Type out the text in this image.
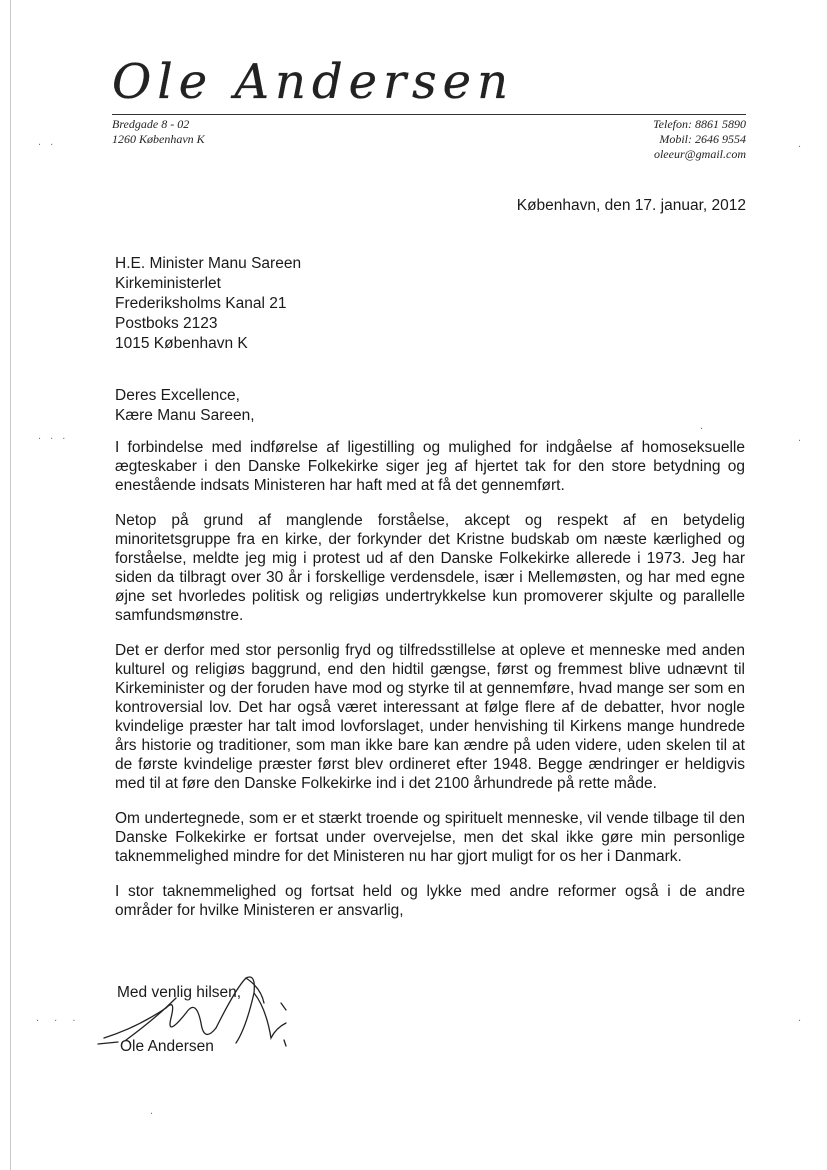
. .
. . .
.  .  .
.
.
.
.
.
Ole Andersen
Bredgade 8 - 02
1260 København K
Telefon: 8861 5890
Mobil: 2646 9554
oleeur@gmail.com
København, den 17. januar, 2012
H.E. Minister Manu Sareen
Kirkeministerlet
Frederiksholms Kanal 21
Postboks 2123
1015 København K
Deres Excellence,
Kære Manu Sareen,

I forbindelse med indførelse af ligestilling og mulighed for indgåelse af homoseksuelle ægteskaber i den Danske Folkekirke siger jeg af hjertet tak for den store betydning og enestående indsats Ministeren har haft med at få det gennemført.

Netop på grund af manglende forståelse, akcept og respekt af en betydelig minoritetsgruppe fra en kirke, der forkynder det Kristne budskab om næste kærlighed og forståelse, meldte jeg mig i protest ud af den Danske Folkekirke allerede i 1973. Jeg har siden da tilbragt over 30 år i forskellige verdensdele, især i Mellemøsten, og har med egne øjne set hvorledes politisk og religiøs undertrykkelse kun promoverer skjulte og parallelle samfundsmønstre.

Det er derfor med stor personlig fryd og tilfredsstillelse at opleve et menneske med anden kulturel og religiøs baggrund, end den hidtil gængse, først og fremmest blive udnævnt til Kirkeminister og der foruden have mod og styrke til at gennemføre, hvad mange ser som en kontroversial lov. Det har også været interessant at følge flere af de debatter, hvor nogle kvindelige præster har talt imod lovforslaget, under henvishing til Kirkens mange hundrede års historie og traditioner, som man ikke bare kan ændre på uden videre, uden skelen til at de første kvindelige præster først blev ordineret efter 1948. Begge ændringer er heldigvis med til at føre den Danske Folkekirke ind i det 2100 århundrede på rette måde.

Om undertegnede, som er et stærkt troende og spirituelt menneske, vil vende tilbage til den Danske Folkekirke er fortsat under overvejelse, men det skal ikke gøre min personlige taknemmelighed mindre for det Ministeren nu har gjort muligt for os her i Danmark.

I stor taknemmelighed og fortsat held og lykke med andre reformer også i de andre områder for hvilke Ministeren er ansvarlig,

Med venlig hilsen,
Ole Andersen
